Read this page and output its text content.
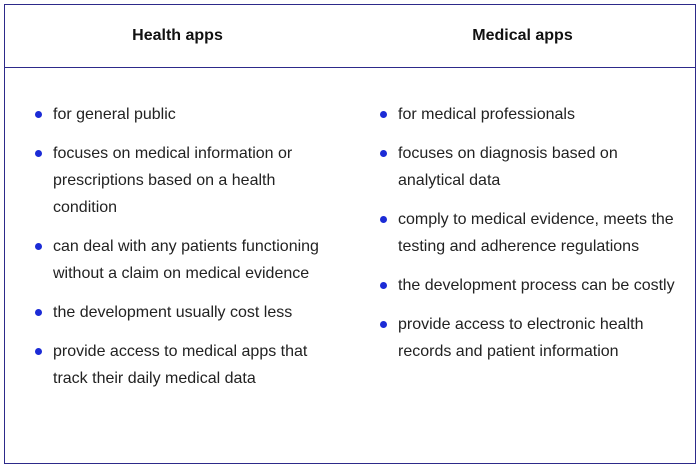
Health apps	Medical apps
for general public
focuses on medical information or prescriptions based on a health condition
can deal with any patients functioning without a claim on medical evidence
the development usually cost less
provide access to medical apps that track their daily medical data
for medical professionals
focuses on diagnosis based on analytical data
comply to medical evidence, meets the testing and adherence regulations
the development process can be costly
provide access to electronic health records and patient information
